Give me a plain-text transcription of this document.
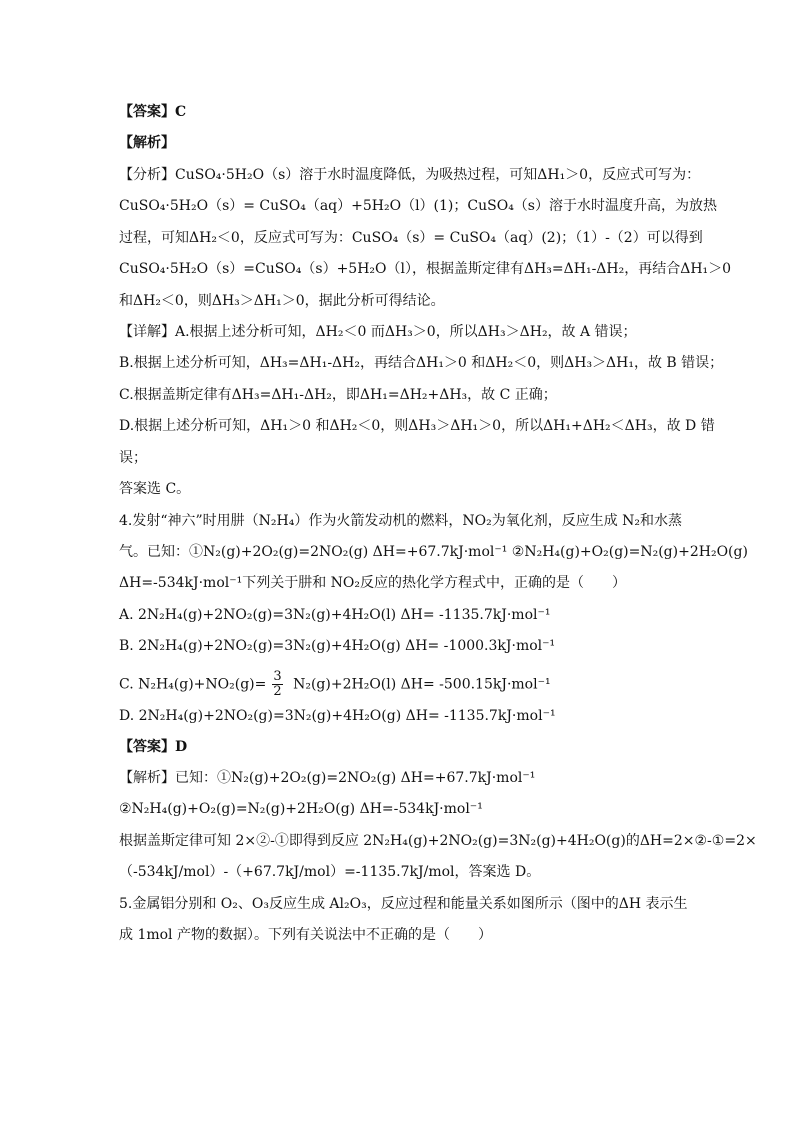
【答案】C
【解析】
【分析】CuSO₄·5H₂O（s）溶于水时温度降低，为吸热过程，可知ΔH₁＞0，反应式可写为：
CuSO₄·5H₂O（s）= CuSO₄（aq）+5H₂O（l）(1)；CuSO₄（s）溶于水时温度升高，为放热
过程，可知ΔH₂＜0，反应式可写为：CuSO₄（s）= CuSO₄（aq）(2)；（1）-（2）可以得到
CuSO₄·5H₂O（s）=CuSO₄（s）+5H₂O（l），根据盖斯定律有ΔH₃=ΔH₁-ΔH₂，再结合ΔH₁＞0
和ΔH₂＜0，则ΔH₃＞ΔH₁＞0，据此分析可得结论。
【详解】A.根据上述分析可知，ΔH₂＜0 而ΔH₃＞0，所以ΔH₃＞ΔH₂，故 A 错误；
B.根据上述分析可知，ΔH₃=ΔH₁-ΔH₂，再结合ΔH₁＞0 和ΔH₂＜0，则ΔH₃＞ΔH₁，故 B 错误；
C.根据盖斯定律有ΔH₃=ΔH₁-ΔH₂，即ΔH₁=ΔH₂+ΔH₃，故 C 正确；
D.根据上述分析可知，ΔH₁＞0 和ΔH₂＜0，则ΔH₃＞ΔH₁＞0，所以ΔH₁+ΔH₂＜ΔH₃，故 D 错
误；
答案选 C。
4.发射“神六”时用肼（N₂H₄）作为火箭发动机的燃料，NO₂为氧化剂，反应生成 N₂和水蒸
气。已知：①N₂(g)+2O₂(g)=2NO₂(g) ΔH=+67.7kJ·mol⁻¹ ②N₂H₄(g)+O₂(g)=N₂(g)+2H₂O(g)
ΔH=-534kJ·mol⁻¹下列关于肼和 NO₂反应的热化学方程式中，正确的是（　　）
A. 2N₂H₄(g)+2NO₂(g)=3N₂(g)+4H₂O(l) ΔH= -1135.7kJ·mol⁻¹
B. 2N₂H₄(g)+2NO₂(g)=3N₂(g)+4H₂O(g) ΔH= -1000.3kJ·mol⁻¹
C. $N_2H_4(g)+NO_2(g)= \frac{3}{2} N_2(g)+2H_2O(l)$ ΔH= -500.15kJ·mol⁻¹
D. 2N₂H₄(g)+2NO₂(g)=3N₂(g)+4H₂O(g) ΔH= -1135.7kJ·mol⁻¹
【答案】D
【解析】已知：①N₂(g)+2O₂(g)=2NO₂(g) ΔH=+67.7kJ·mol⁻¹
②N₂H₄(g)+O₂(g)=N₂(g)+2H₂O(g) ΔH=-534kJ·mol⁻¹
根据盖斯定律可知 2×②-①即得到反应 2N₂H₄(g)+2NO₂(g)=3N₂(g)+4H₂O(g)的ΔH=2×②-①=2×
（-534kJ/mol）-（+67.7kJ/mol）=-1135.7kJ/mol，答案选 D。
5.金属铝分别和 O₂、O₃反应生成 Al₂O₃，反应过程和能量关系如图所示（图中的ΔH 表示生
成 1mol 产物的数据）。下列有关说法中不正确的是（　　）
